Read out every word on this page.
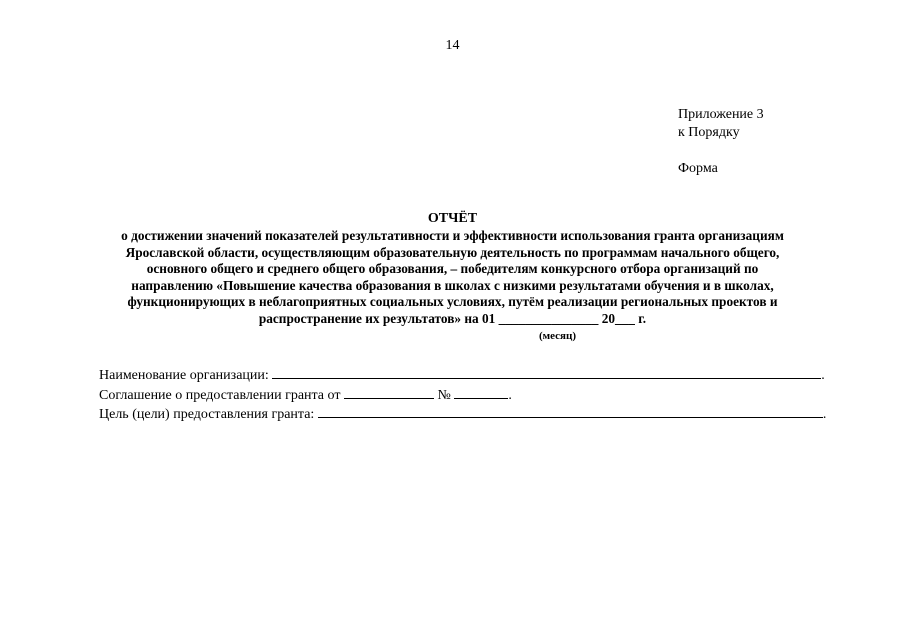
14
Приложение 3
к Порядку
Форма
ОТЧЁТ
о достижении значений показателей результативности и эффективности использования гранта организациям
Ярославской области, осуществляющим образовательную деятельность по программам начального общего,
основного общего и среднего общего образования, – победителям конкурсного отбора организаций по
направлению «Повышение качества образования в школах с низкими результатами обучения и в школах,
функционирующих в неблагоприятных социальных условиях, путём реализации региональных проектов и
распространение их результатов» на 01 _______________ 20___ г.
(месяц)
Наименование организации:	.
Соглашение о предоставлении гранта от	№	.
Цель (цели) предоставления гранта:	.
